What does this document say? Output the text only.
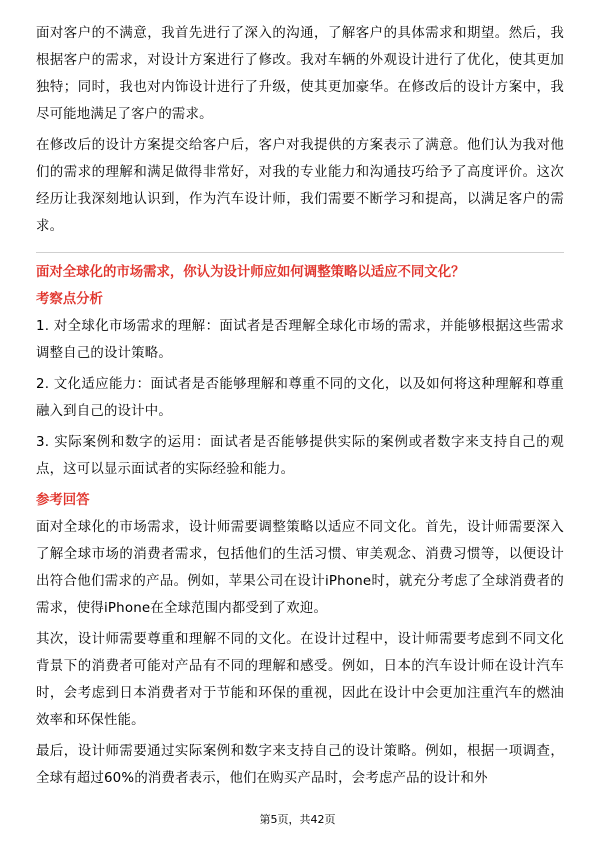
面对客户的不满意，我首先进行了深入的沟通，了解客户的具体需求和期望。然后，我根据客户的需求，对设计方案进行了修改。我对车辆的外观设计进行了优化，使其更加独特；同时，我也对内饰设计进行了升级，使其更加豪华。在修改后的设计方案中，我尽可能地满足了客户的需求。

在修改后的设计方案提交给客户后，客户对我提供的方案表示了满意。他们认为我对他们的需求的理解和满足做得非常好，对我的专业能力和沟通技巧给予了高度评价。这次经历让我深刻地认识到，作为汽车设计师，我们需要不断学习和提高，以满足客户的需求。

面对全球化的市场需求，你认为设计师应如何调整策略以适应不同文化？

考察点分析

1. 对全球化市场需求的理解：面试者是否理解全球化市场的需求，并能够根据这些需求调整自己的设计策略。

2. 文化适应能力：面试者是否能够理解和尊重不同的文化，以及如何将这种理解和尊重融入到自己的设计中。

3. 实际案例和数字的运用：面试者是否能够提供实际的案例或者数字来支持自己的观点，这可以显示面试者的实际经验和能力。

参考回答

面对全球化的市场需求，设计师需要调整策略以适应不同文化。首先，设计师需要深入了解全球市场的消费者需求，包括他们的生活习惯、审美观念、消费习惯等，以便设计出符合他们需求的产品。例如，苹果公司在设计iPhone时，就充分考虑了全球消费者的需求，使得iPhone在全球范围内都受到了欢迎。

其次，设计师需要尊重和理解不同的文化。在设计过程中，设计师需要考虑到不同文化背景下的消费者可能对产品有不同的理解和感受。例如，日本的汽车设计师在设计汽车时，会考虑到日本消费者对于节能和环保的重视，因此在设计中会更加注重汽车的燃油效率和环保性能。

最后，设计师需要通过实际案例和数字来支持自己的设计策略。例如，根据一项调查，全球有超过60%的消费者表示，他们在购买产品时，会考虑产品的设计和外

第5页，共42页
